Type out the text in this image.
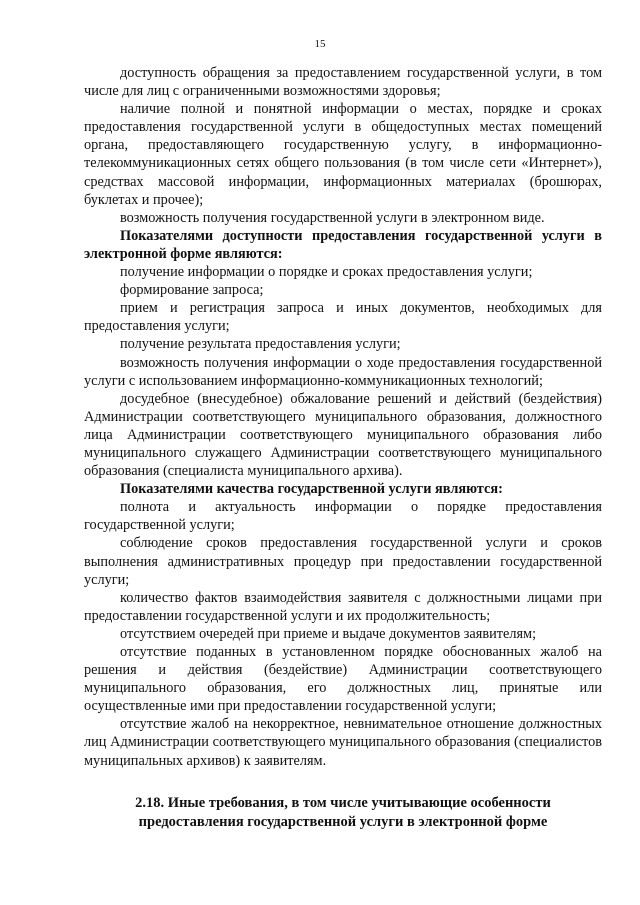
15

доступность обращения за предоставлением государственной услуги, в том числе для лиц с ограниченными возможностями здоровья;

наличие полной и понятной информации о местах, порядке и сроках предоставления государственной услуги в общедоступных местах помещений органа, предоставляющего государственную услугу, в информационно-телекоммуникационных сетях общего пользования (в том числе сети «Интернет»), средствах массовой информации, информационных материалах (брошюрах, буклетах и прочее);

возможность получения государственной услуги в электронном виде.

Показателями доступности предоставления государственной услуги в электронной форме являются:

получение информации о порядке и сроках предоставления услуги;

формирование запроса;

прием и регистрация запроса и иных документов, необходимых для предоставления услуги;

получение результата предоставления услуги;

возможность получения информации о ходе предоставления государственной услуги с использованием информационно-коммуникационных технологий;

досудебное (внесудебное) обжалование решений и действий (бездействия) Администрации соответствующего муниципального образования, должностного лица Администрации соответствующего муниципального образования либо муниципального служащего Администрации соответствующего муниципального образования (специалиста муниципального архива).

Показателями качества государственной услуги являются:

полнота и актуальность информации о порядке предоставления государственной услуги;

соблюдение сроков предоставления государственной услуги и сроков выполнения административных процедур при предоставлении государственной услуги;

количество фактов взаимодействия заявителя с должностными лицами при предоставлении государственной услуги и их продолжительность;

отсутствием очередей при приеме и выдаче документов заявителям;

отсутствие поданных в установленном порядке обоснованных жалоб на решения и действия (бездействие) Администрации соответствующего муниципального образования, его должностных лиц, принятые или осуществленные ими при предоставлении государственной услуги;

отсутствие жалоб на некорректное, невнимательное отношение должностных лиц Администрации соответствующего муниципального образования (специалистов муниципальных архивов) к заявителям.

2.18. Иные требования, в том числе учитывающие особенности
предоставления государственной услуги в электронной форме
